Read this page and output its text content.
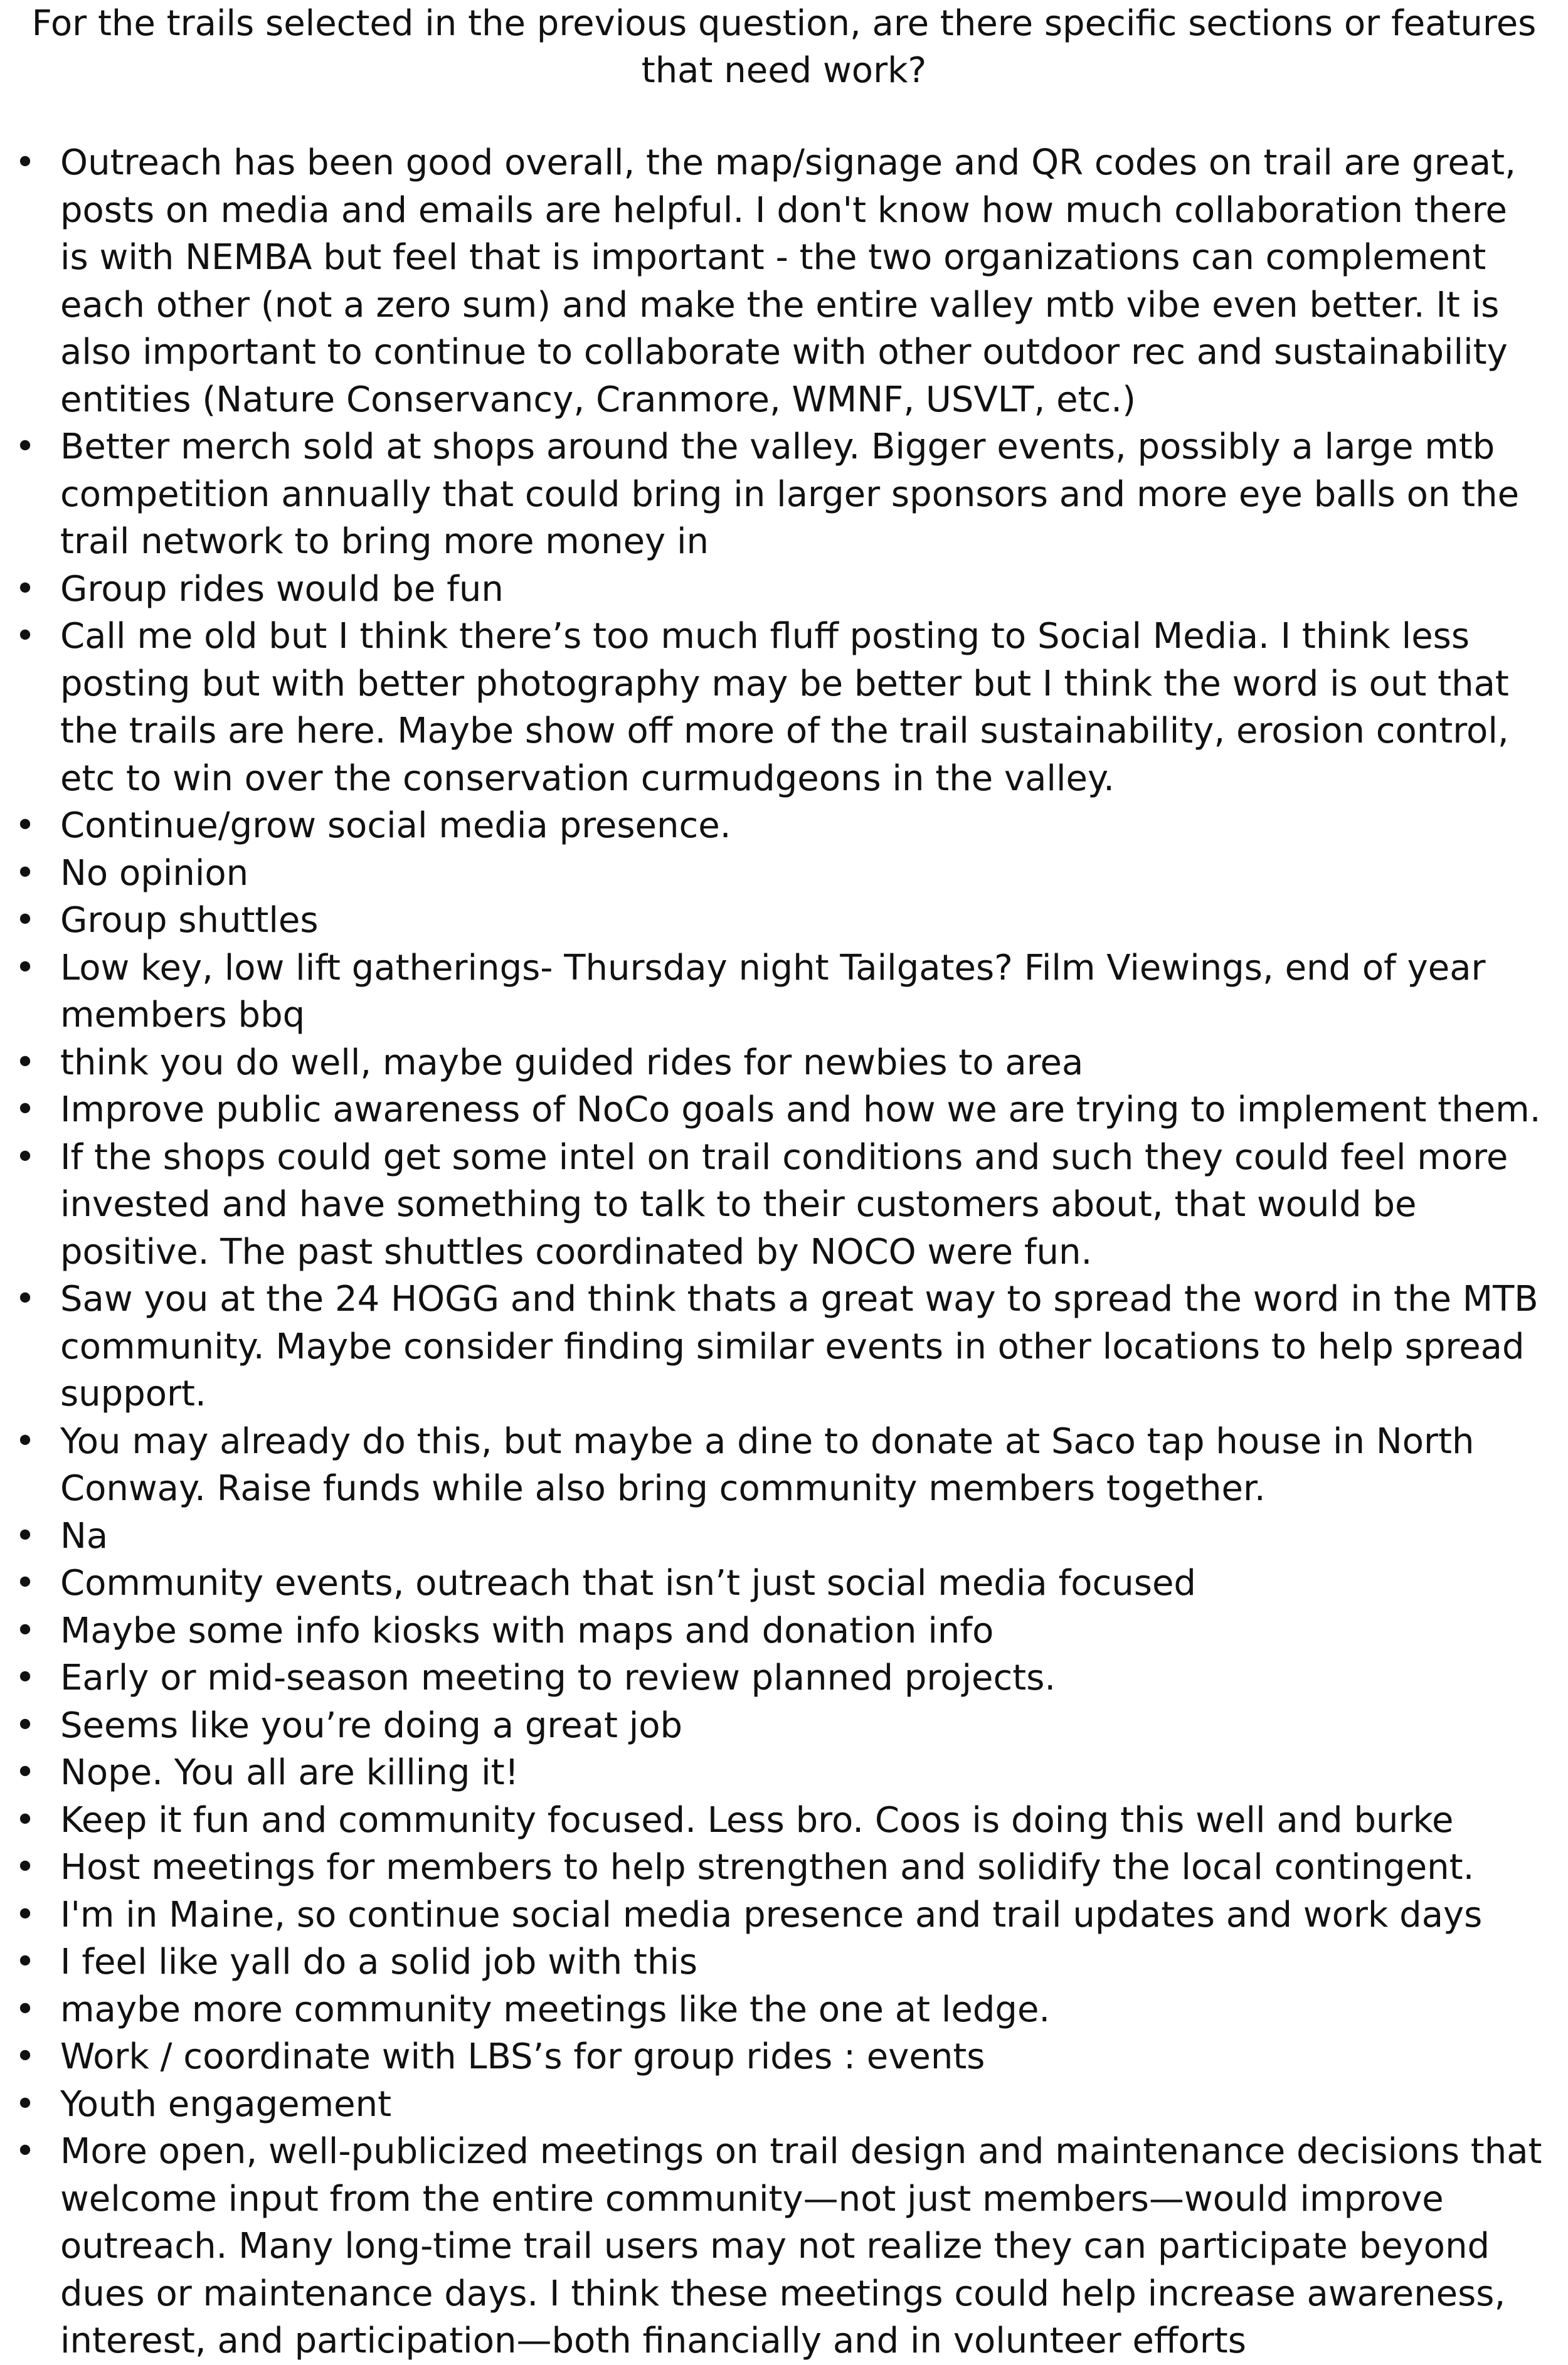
For the trails selected in the previous question, are there specific sections or features that need work?
• Outreach has been good overall, the map/signage and QR codes on trail are great, posts on media and emails are helpful. I don't know how much collaboration there is with NEMBA but feel that is important - the two organizations can complement each other (not a zero sum) and make the entire valley mtb vibe even better. It is also important to continue to collaborate with other outdoor rec and sustainability entities (Nature Conservancy, Cranmore, WMNF, USVLT, etc.)
• Better merch sold at shops around the valley. Bigger events, possibly a large mtb competition annually that could bring in larger sponsors and more eye balls on the trail network to bring more money in
• Group rides would be fun
• Call me old but I think there’s too much fluff posting to Social Media. I think less posting but with better photography may be better but I think the word is out that the trails are here. Maybe show off more of the trail sustainability, erosion control, etc to win over the conservation curmudgeons in the valley.
• Continue/grow social media presence.
• No opinion
• Group shuttles
• Low key, low lift gatherings- Thursday night Tailgates? Film Viewings, end of year members bbq
• think you do well, maybe guided rides for newbies to area
• Improve public awareness of NoCo goals and how we are trying to implement them.
• If the shops could get some intel on trail conditions and such they could feel more invested and have something to talk to their customers about, that would be positive. The past shuttles coordinated by NOCO were fun.
• Saw you at the 24 HOGG and think thats a great way to spread the word in the MTB community. Maybe consider finding similar events in other locations to help spread support.
• You may already do this, but maybe a dine to donate at Saco tap house in North Conway. Raise funds while also bring community members together.
• Na
• Community events, outreach that isn’t just social media focused
• Maybe some info kiosks with maps and donation info
• Early or mid-season meeting to review planned projects.
• Seems like you’re doing a great job
• Nope. You all are killing it!
• Keep it fun and community focused. Less bro. Coos is doing this well and burke
• Host meetings for members to help strengthen and solidify the local contingent.
• I'm in Maine, so continue social media presence and trail updates and work days
• I feel like yall do a solid job with this
• maybe more community meetings like the one at ledge.
• Work / coordinate with LBS’s for group rides : events
• Youth engagement
• More open, well-publicized meetings on trail design and maintenance decisions that welcome input from the entire community—not just members—would improve outreach. Many long-time trail users may not realize they can participate beyond dues or maintenance days. I think these meetings could help increase awareness, interest, and participation—both financially and in volunteer efforts
